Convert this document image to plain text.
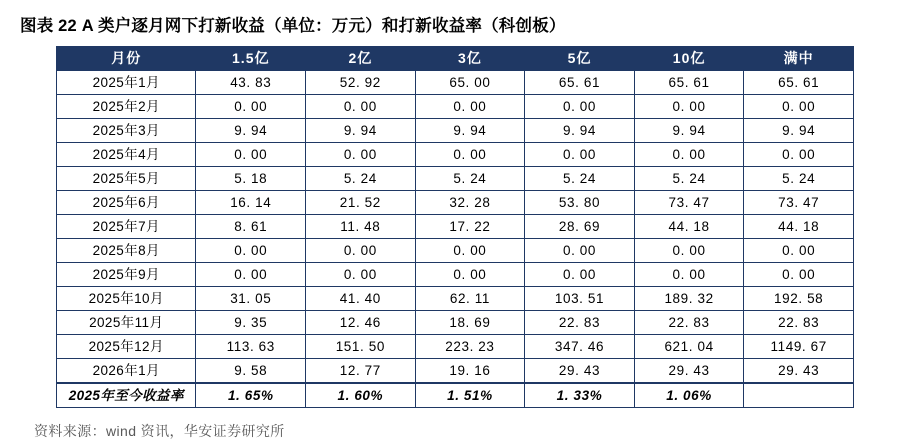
图表 22 A 类户逐月网下打新收益（单位：万元）和打新收益率（科创板）
月份	1.5亿	2亿	3亿	5亿	10亿	满中
2025年1月	43. 83	52. 92	65. 00	65. 61	65. 61	65. 61
2025年2月	0. 00	0. 00	0. 00	0. 00	0. 00	0. 00
2025年3月	9. 94	9. 94	9. 94	9. 94	9. 94	9. 94
2025年4月	0. 00	0. 00	0. 00	0. 00	0. 00	0. 00
2025年5月	5. 18	5. 24	5. 24	5. 24	5. 24	5. 24
2025年6月	16. 14	21. 52	32. 28	53. 80	73. 47	73. 47
2025年7月	8. 61	11. 48	17. 22	28. 69	44. 18	44. 18
2025年8月	0. 00	0. 00	0. 00	0. 00	0. 00	0. 00
2025年9月	0. 00	0. 00	0. 00	0. 00	0. 00	0. 00
2025年10月	31. 05	41. 40	62. 11	103. 51	189. 32	192. 58
2025年11月	9. 35	12. 46	18. 69	22. 83	22. 83	22. 83
2025年12月	113. 63	151. 50	223. 23	347. 46	621. 04	1149. 67
2026年1月	9. 58	12. 77	19. 16	29. 43	29. 43	29. 43
2025年至今收益率	1. 65%	1. 60%	1. 51%	1. 33%	1. 06%	
资料来源：wind 资讯，华安证券研究所
